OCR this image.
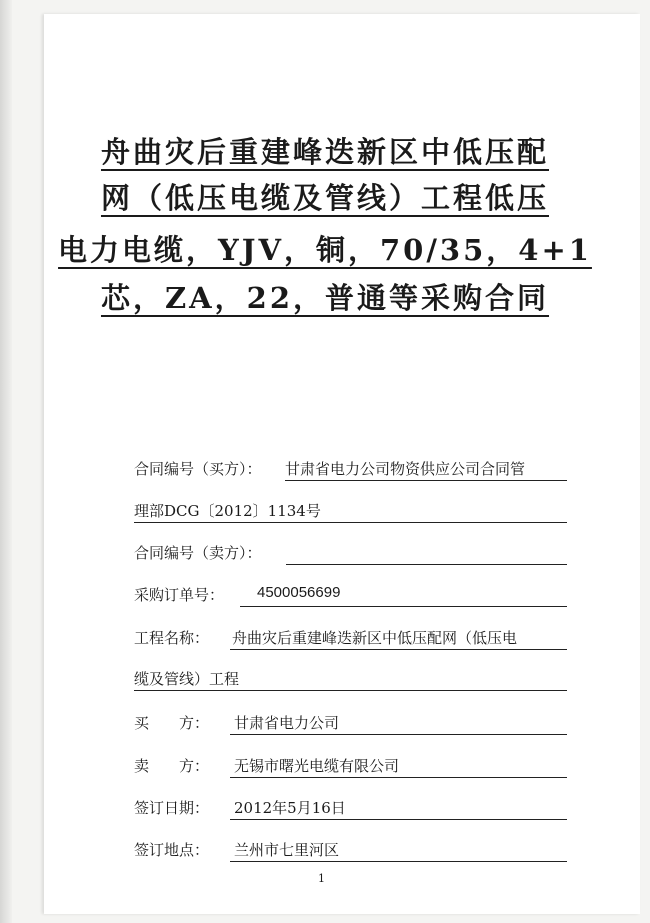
舟曲灾后重建峰迭新区中低压配
网（低压电缆及管线）工程低压
电力电缆，YJV，铜，70/35，4+1
芯，ZA，22，普通等采购合同
合同编号（买方）： 甘肃省电力公司物资供应公司合同管
理部DCG〔2012〕1134号
合同编号（卖方）：
采购订单号： 4500056699
工程名称： 舟曲灾后重建峰迭新区中低压配网（低压电
缆及管线）工程
买　　方： 甘肃省电力公司
卖　　方： 无锡市曙光电缆有限公司
签订日期： 2012年5月16日
签订地点： 兰州市七里河区
1
